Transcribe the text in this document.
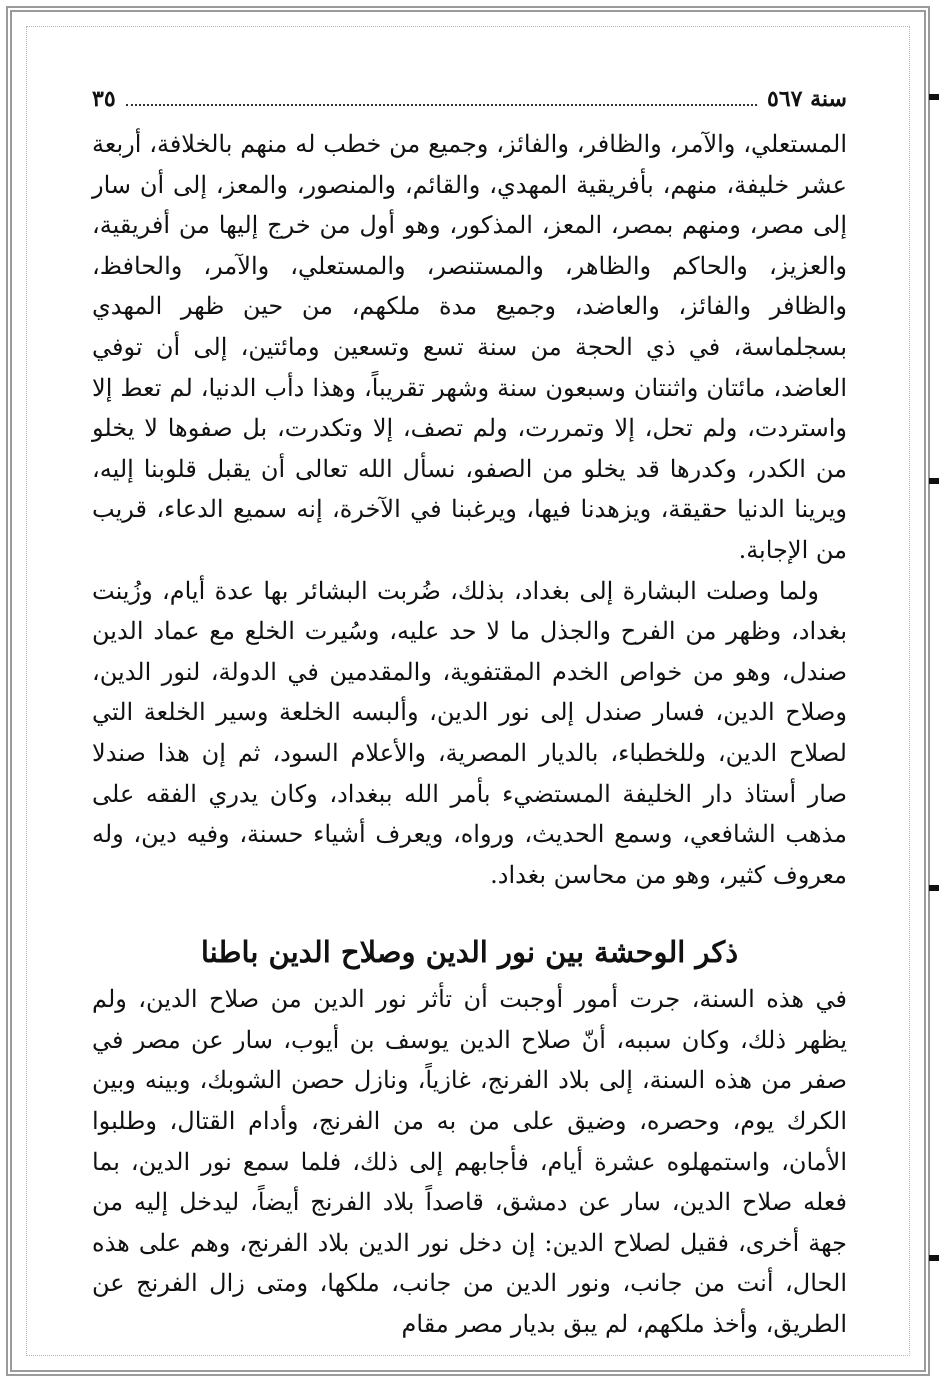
سنة ٥٦٧
٣٥

المستعلي، والآمر، والظافر، والفائز، وجميع من خطب له منهم بالخلافة، أربعة عشر خليفة، منهم، بأفريقية المهدي، والقائم، والمنصور، والمعز، إلى أن سار إلى مصر، ومنهم بمصر، المعز، المذكور، وهو أول من خرج إليها من أفريقية، والعزيز، والحاكم والظاهر، والمستنصر، والمستعلي، والآمر، والحافظ، والظافر والفائز، والعاضد، وجميع مدة ملكهم، من حين ظهر المهدي بسجلماسة، في ذي الحجة من سنة تسع وتسعين ومائتين، إلى أن توفي العاضد، مائتان واثنتان وسبعون سنة وشهر تقريباً، وهذا دأب الدنيا، لم تعط إلا واستردت، ولم تحل، إلا وتمررت، ولم تصف، إلا وتكدرت، بل صفوها لا يخلو من الكدر، وكدرها قد يخلو من الصفو، نسأل الله تعالى أن يقبل قلوبنا إليه، ويرينا الدنيا حقيقة، ويزهدنا فيها، ويرغبنا في الآخرة، إنه سميع الدعاء، قريب من الإجابة.

ولما وصلت البشارة إلى بغداد، بذلك، ضُربت البشائر بها عدة أيام، وزُينت بغداد، وظهر من الفرح والجذل ما لا حد عليه، وسُيرت الخلع مع عماد الدين صندل، وهو من خواص الخدم المقتفوية، والمقدمين في الدولة، لنور الدين، وصلاح الدين، فسار صندل إلى نور الدين، وألبسه الخلعة وسير الخلعة التي لصلاح الدين، وللخطباء، بالديار المصرية، والأعلام السود، ثم إن هذا صندلا صار أستاذ دار الخليفة المستضيء بأمر الله ببغداد، وكان يدري الفقه على مذهب الشافعي، وسمع الحديث، ورواه، ويعرف أشياء حسنة، وفيه دين، وله معروف كثير، وهو من محاسن بغداد.

ذكر الوحشة بين نور الدين وصلاح الدين باطنا

في هذه السنة، جرت أمور أوجبت أن تأثر نور الدين من صلاح الدين، ولم يظهر ذلك، وكان سببه، أنّ صلاح الدين يوسف بن أيوب، سار عن مصر في صفر من هذه السنة، إلى بلاد الفرنج، غازياً، ونازل حصن الشوبك، وبينه وبين الكرك يوم، وحصره، وضيق على من به من الفرنج، وأدام القتال، وطلبوا الأمان، واستمهلوه عشرة أيام، فأجابهم إلى ذلك، فلما سمع نور الدين، بما فعله صلاح الدين، سار عن دمشق، قاصداً بلاد الفرنج أيضاً، ليدخل إليه من جهة أخرى، فقيل لصلاح الدين: إن دخل نور الدين بلاد الفرنج، وهم على هذه الحال، أنت من جانب، ونور الدين من جانب، ملكها، ومتى زال الفرنج عن الطريق، وأخذ ملكهم، لم يبق بديار مصر مقام
